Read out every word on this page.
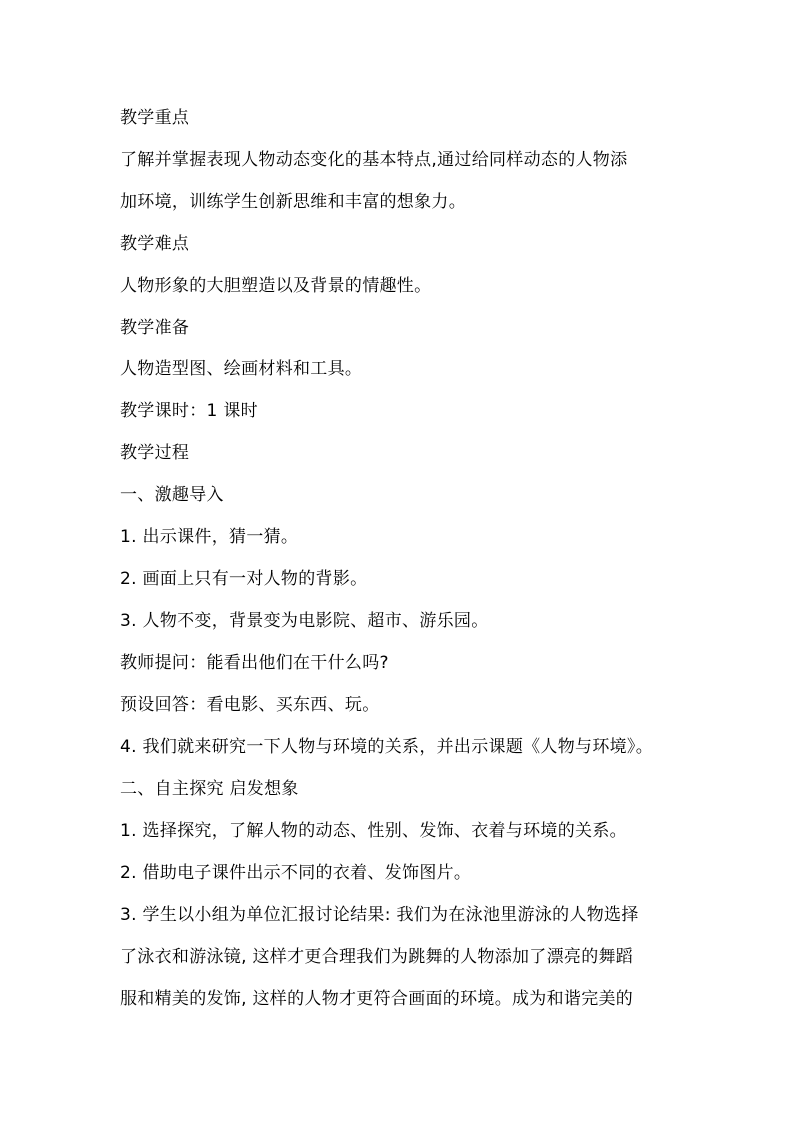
教学重点
了解并掌握表现人物动态变化的基本特点,通过给同样动态的人物添
加环境，训练学生创新思维和丰富的想象力。
教学难点
人物形象的大胆塑造以及背景的情趣性。
教学准备
人物造型图、绘画材料和工具。
教学课时：1 课时
教学过程
一、激趣导入
1. 出示课件，猜一猜。
2. 画面上只有一对人物的背影。
3. 人物不变，背景变为电影院、超市、游乐园。
教师提问：能看出他们在干什么吗?
预设回答：看电影、买东西、玩。
4. 我们就来研究一下人物与环境的关系，并出示课题《人物与环境》。
二、自主探究 启发想象
1. 选择探究，了解人物的动态、性别、发饰、衣着与环境的关系。
2. 借助电子课件出示不同的衣着、发饰图片。
3. 学生以小组为单位汇报讨论结果: 我们为在泳池里游泳的人物选择
了泳衣和游泳镜, 这样才更合理我们为跳舞的人物添加了漂亮的舞蹈
服和精美的发饰, 这样的人物才更符合画面的环境。成为和谐完美的
